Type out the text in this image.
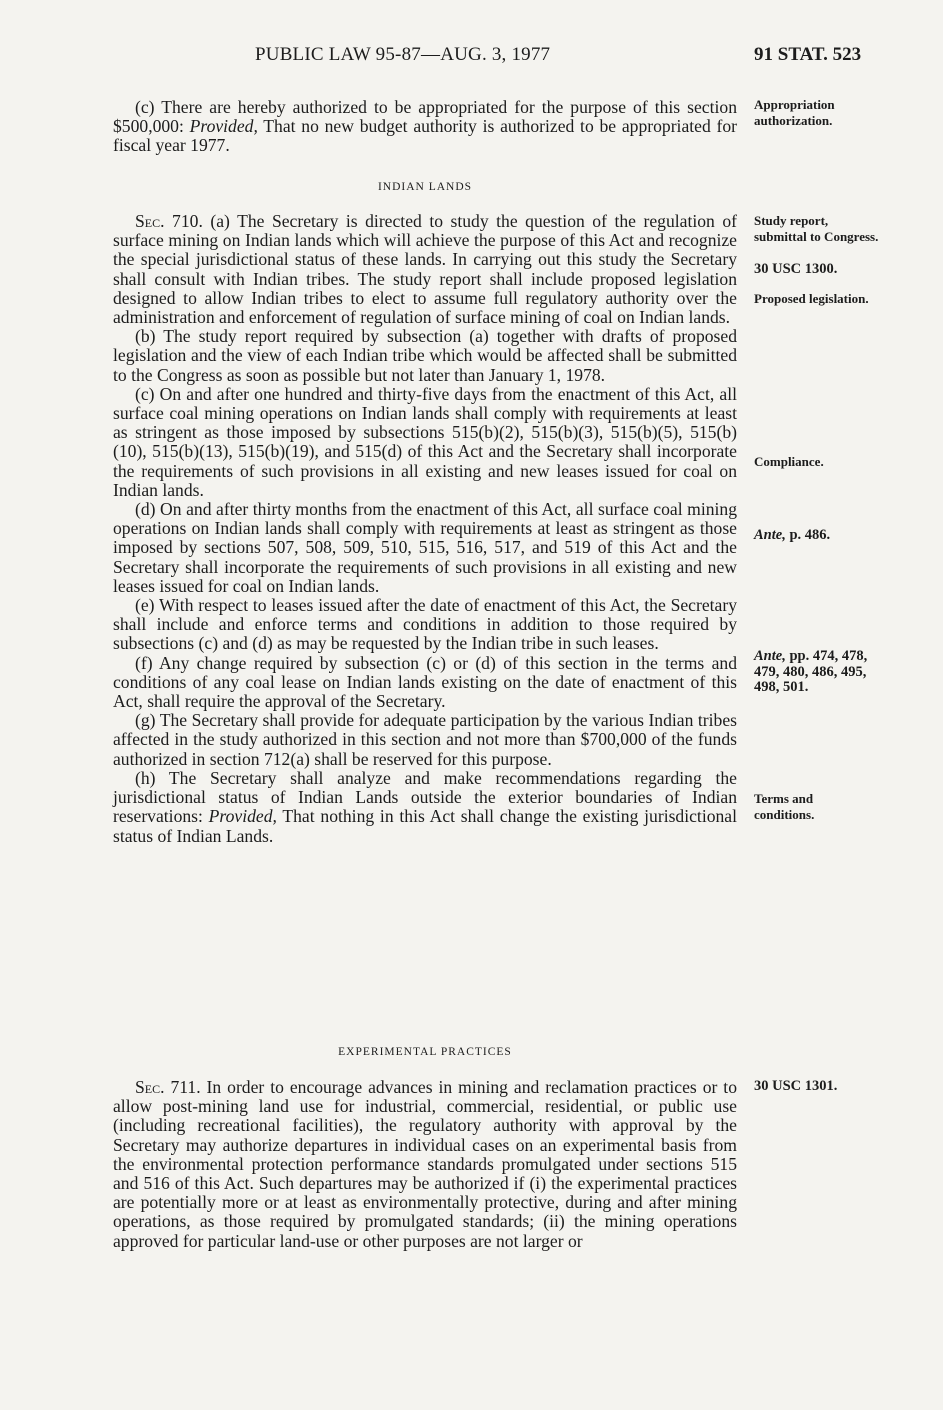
PUBLIC LAW 95-87—AUG. 3, 1977	91 STAT. 523

(c) There are hereby authorized to be appropriated for the purpose of this section $500,000: Provided, That no new budget authority is authorized to be appropriated for fiscal year 1977.

INDIAN LANDS

Sec. 710. (a) The Secretary is directed to study the question of the regulation of surface mining on Indian lands which will achieve the purpose of this Act and recognize the special jurisdictional status of these lands. In carrying out this study the Secretary shall consult with Indian tribes. The study report shall include proposed legislation designed to allow Indian tribes to elect to assume full regulatory authority over the administration and enforcement of regulation of surface mining of coal on Indian lands.

(b) The study report required by subsection (a) together with drafts of proposed legislation and the view of each Indian tribe which would be affected shall be submitted to the Congress as soon as possible but not later than January 1, 1978.

(c) On and after one hundred and thirty-five days from the enactment of this Act, all surface coal mining operations on Indian lands shall comply with requirements at least as stringent as those imposed by subsections 515(b)(2), 515(b)(3), 515(b)(5), 515(b)(10), 515(b)(13), 515(b)(19), and 515(d) of this Act and the Secretary shall incorporate the requirements of such provisions in all existing and new leases issued for coal on Indian lands.

(d) On and after thirty months from the enactment of this Act, all surface coal mining operations on Indian lands shall comply with requirements at least as stringent as those imposed by sections 507, 508, 509, 510, 515, 516, 517, and 519 of this Act and the Secretary shall incorporate the requirements of such provisions in all existing and new leases issued for coal on Indian lands.

(e) With respect to leases issued after the date of enactment of this Act, the Secretary shall include and enforce terms and conditions in addition to those required by subsections (c) and (d) as may be requested by the Indian tribe in such leases.

(f) Any change required by subsection (c) or (d) of this section in the terms and conditions of any coal lease on Indian lands existing on the date of enactment of this Act, shall require the approval of the Secretary.

(g) The Secretary shall provide for adequate participation by the various Indian tribes affected in the study authorized in this section and not more than $700,000 of the funds authorized in section 712(a) shall be reserved for this purpose.

(h) The Secretary shall analyze and make recommendations regarding the jurisdictional status of Indian Lands outside the exterior boundaries of Indian reservations: Provided, That nothing in this Act shall change the existing jurisdictional status of Indian Lands.

EXPERIMENTAL PRACTICES

Sec. 711. In order to encourage advances in mining and reclamation practices or to allow post-mining land use for industrial, commercial, residential, or public use (including recreational facilities), the regulatory authority with approval by the Secretary may authorize departures in individual cases on an experimental basis from the environmental protection performance standards promulgated under sections 515 and 516 of this Act. Such departures may be authorized if (i) the experimental practices are potentially more or at least as environmentally protective, during and after mining operations, as those required by promulgated standards; (ii) the mining operations approved for particular land-use or other purposes are not larger or

Appropriation authorization.
Study report, submittal to Congress.
30 USC 1300.
Proposed legislation.
Compliance.
Ante, p. 486.
Ante, pp. 474, 478, 479, 480, 486, 495, 498, 501.
Terms and conditions.
30 USC 1301.
